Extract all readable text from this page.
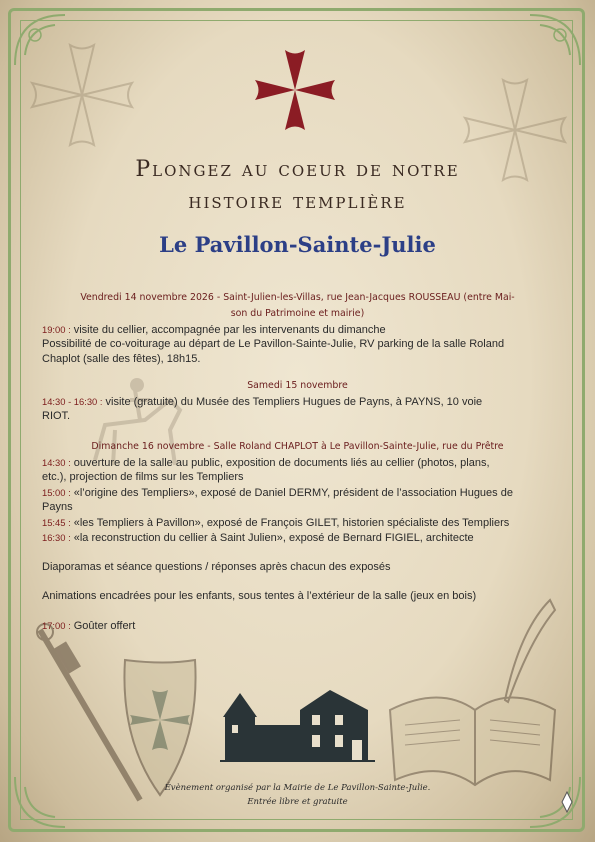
Plongez au coeur de notre
histoire templière
Le Pavillon-Sainte-Julie
Vendredi 14 novembre 2026 - Saint-Julien-les-Villas, rue Jean-Jacques ROUSSEAU (entre Mai-
son du Patrimoine et mairie)
19:00 : visite du cellier, accompagnée par les intervenants du dimanche
Possibilité de co-voiturage au départ de Le Pavillon-Sainte-Julie, RV parking de la salle Roland
Chaplot (salle des fêtes), 18h15.
Samedi 15 novembre
14:30 - 16:30 : visite (gratuite) du Musée des Templiers Hugues de Payns, à PAYNS, 10 voie
RIOT.
Dimanche 16 novembre - Salle Roland CHAPLOT à Le Pavillon-Sainte-Julie, rue du Prêtre
14:30 : ouverture de la salle au public, exposition de documents liés au cellier (photos, plans,
etc.), projection de films sur les Templiers
15:00 : «l’origine des Templiers», exposé de Daniel DERMY, président de l’association Hugues de
Payns
15:45 : «les Templiers à Pavillon», exposé de François GILET, historien spécialiste des Templiers
16:30 : «la reconstruction du cellier à Saint Julien», exposé de Bernard FIGIEL, architecte
Diaporamas et séance questions / réponses après chacun des exposés
Animations encadrées pour les enfants, sous tentes à l’extérieur de la salle (jeux en bois)
17:00 : Goûter offert
Évènement organisé par la Mairie de Le Pavillon-Sainte-Julie.
Entrée libre et gratuite
